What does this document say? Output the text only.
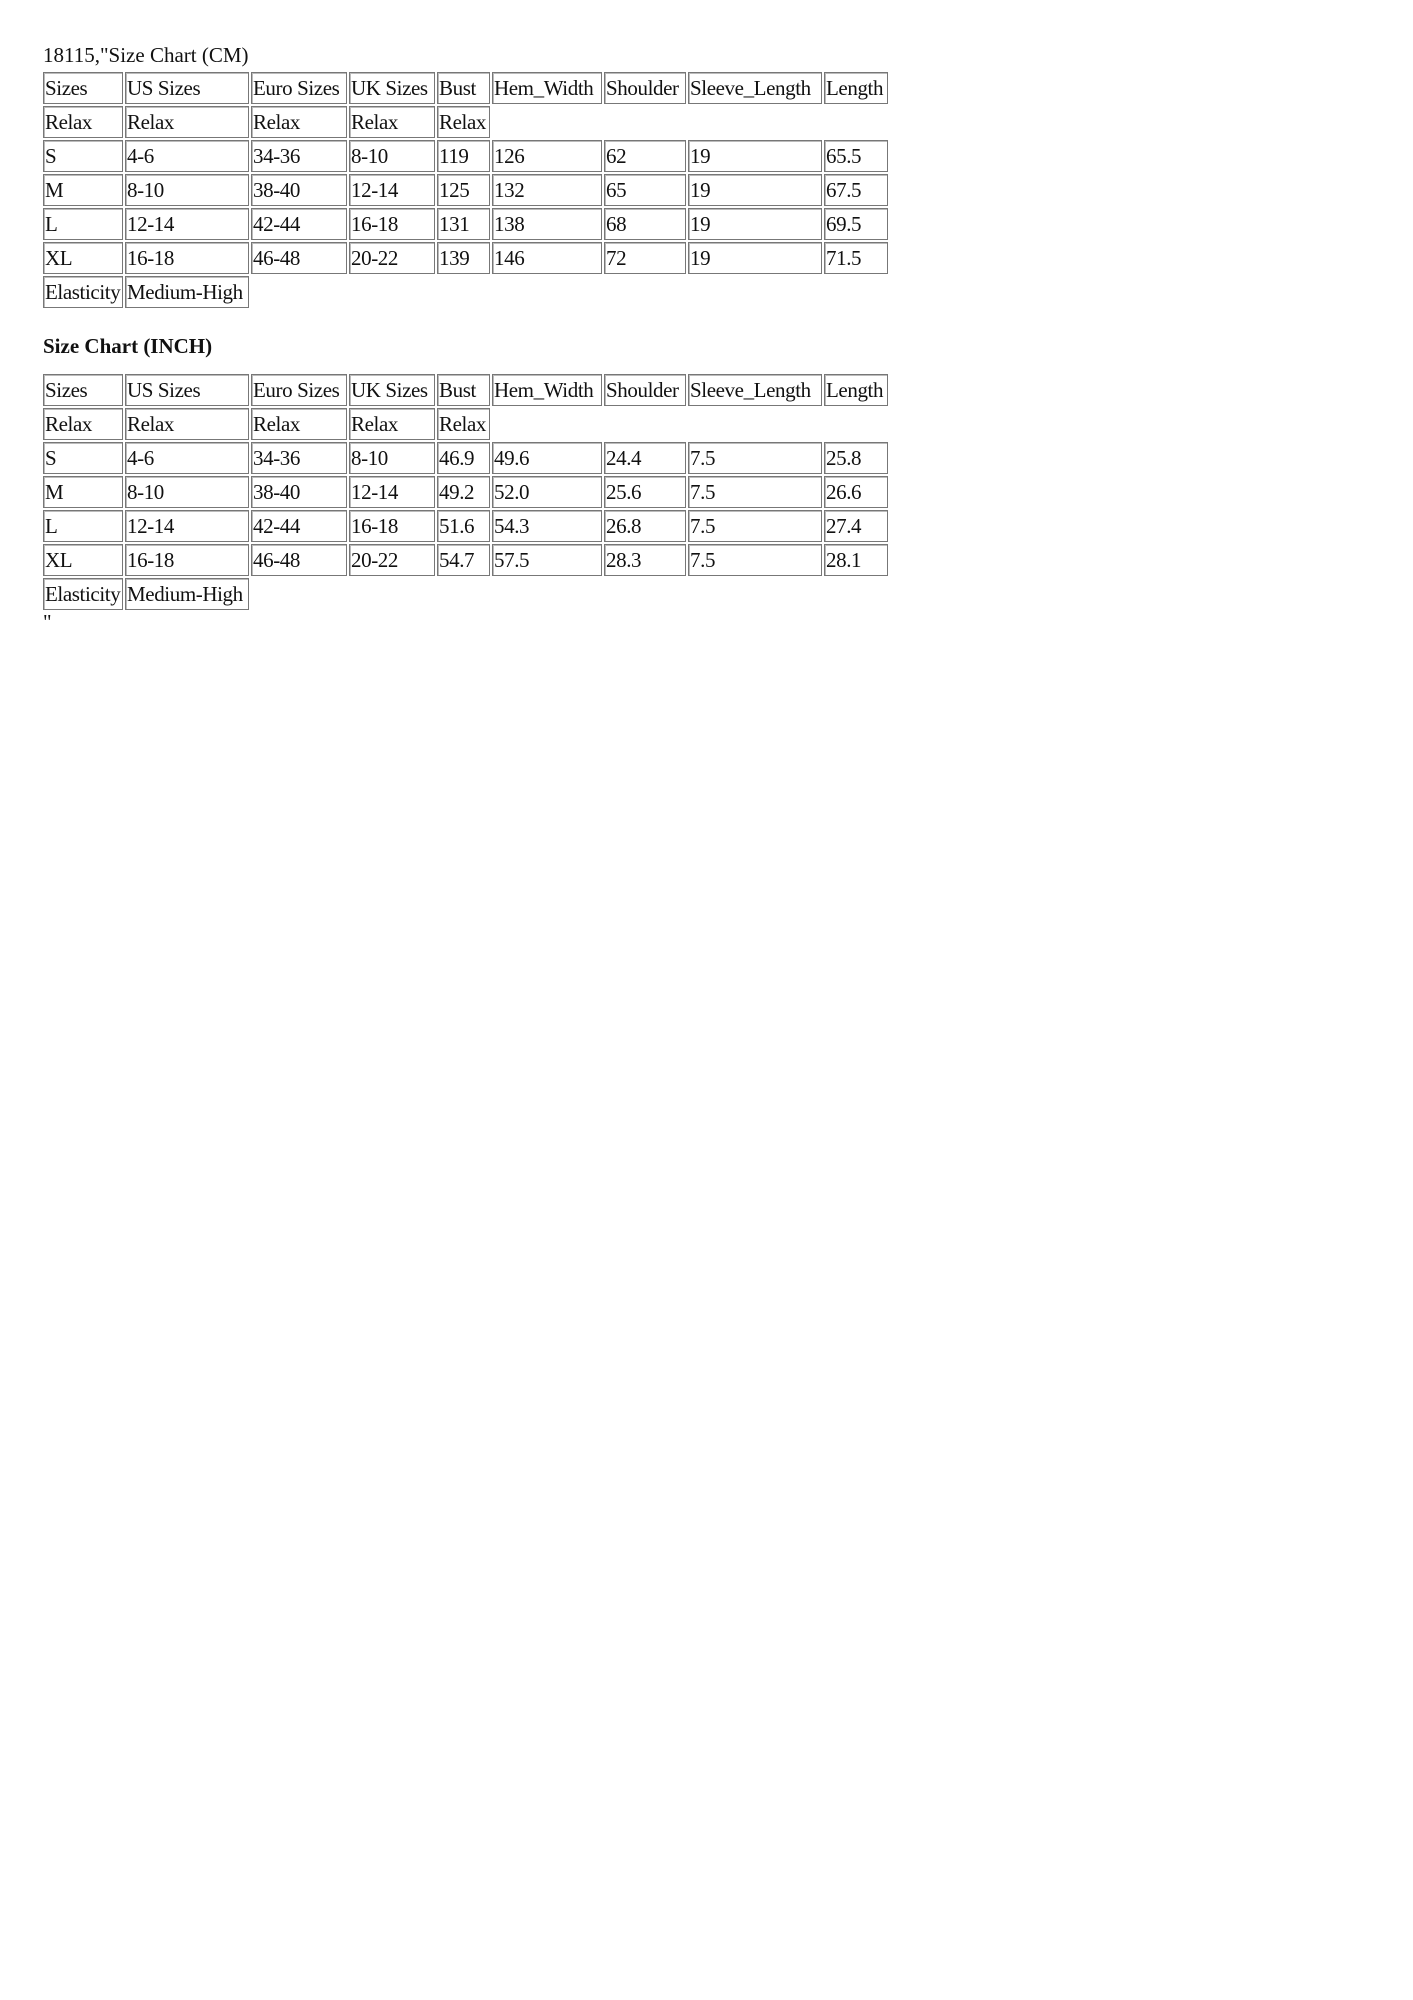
18115,"Size Chart (CM)
Sizes	US Sizes	Euro Sizes	UK Sizes	Bust	Hem_Width	Shoulder	Sleeve_Length	Length
Relax	Relax	Relax	Relax	Relax				
S	4-6	34-36	8-10	119	126	62	19	65.5
M	8-10	38-40	12-14	125	132	65	19	67.5
L	12-14	42-44	16-18	131	138	68	19	69.5
XL	16-18	46-48	20-22	139	146	72	19	71.5
Elasticity	Medium-High							
Size Chart (INCH)
Sizes	US Sizes	Euro Sizes	UK Sizes	Bust	Hem_Width	Shoulder	Sleeve_Length	Length
Relax	Relax	Relax	Relax	Relax				
S	4-6	34-36	8-10	46.9	49.6	24.4	7.5	25.8
M	8-10	38-40	12-14	49.2	52.0	25.6	7.5	26.6
L	12-14	42-44	16-18	51.6	54.3	26.8	7.5	27.4
XL	16-18	46-48	20-22	54.7	57.5	28.3	7.5	28.1
Elasticity	Medium-High							
"
